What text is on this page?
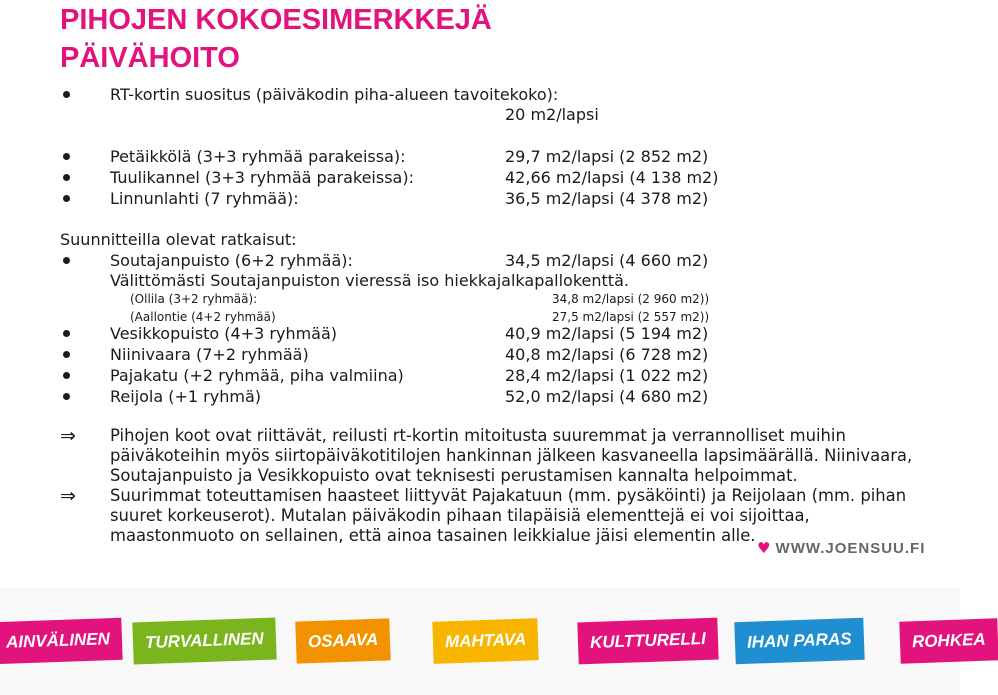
PIHOJEN KOKOESIMERKKEJÄ
PÄIVÄHOITO
RT-kortin suositus (päiväkodin piha-alueen tavoitekoko):
20 m2/lapsi
Petäikkölä (3+3 ryhmää parakeissa):	29,7 m2/lapsi (2 852 m2)
Tuulikannel (3+3 ryhmää parakeissa):	42,66 m2/lapsi (4 138 m2)
Linnunlahti (7 ryhmää):	36,5 m2/lapsi (4 378 m2)
Suunnitteilla olevat ratkaisut:
Soutajanpuisto (6+2 ryhmää):	34,5 m2/lapsi (4 660 m2)
Välittömästi Soutajanpuiston vieressä iso hiekkajalkapallokenttä.
(Ollila (3+2 ryhmää):	34,8 m2/lapsi (2 960 m2))
(Aallontie (4+2 ryhmää)	27,5 m2/lapsi (2 557 m2))
Vesikkopuisto (4+3 ryhmää)	40,9 m2/lapsi (5 194 m2)
Niinivaara (7+2 ryhmää)	40,8 m2/lapsi (6 728 m2)
Pajakatu (+2 ryhmää, piha valmiina)	28,4 m2/lapsi (1 022 m2)
Reijola (+1 ryhmä)	52,0 m2/lapsi (4 680 m2)
⇒ Pihojen koot ovat riittävät, reilusti rt-kortin mitoitusta suuremmat ja verrannolliset muihin päiväkoteihin myös siirtopäiväkotitilojen hankinnan jälkeen kasvaneella lapsimäärällä. Niinivaara, Soutajanpuisto ja Vesikkopuisto ovat teknisesti perustamisen kannalta helpoimmat.
⇒ Suurimmat toteuttamisen haasteet liittyvät Pajakatuun (mm. pysäköinti) ja Reijolaan (mm. pihan suuret korkeuserot). Mutalan päiväkodin pihaan tilapäisiä elementtejä ei voi sijoittaa, maastonmuoto on sellainen, että ainoa tasainen leikkialue jäisi elementin alle.
♥ WWW.JOENSUU.FI
AINVÄLINEN	TURVALLINEN	OSAAVA	MAHTAVA	KULTTURELLI	IHAN PARAS	ROHKEA
